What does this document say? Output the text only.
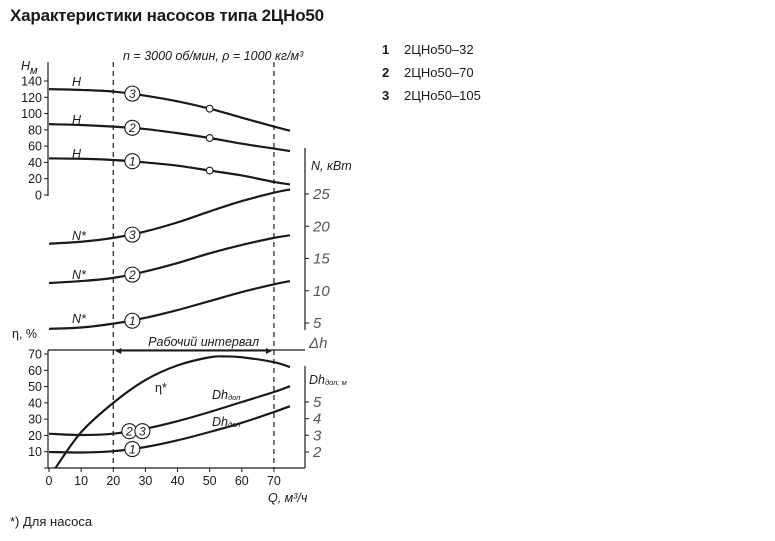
Характеристики насосов типа 2ЦНо50
1 2ЦНо50–32
2 2ЦНо50–70
3 2ЦНо50–105
*) Для насоса
0
20
40
60
80
100
120
140
Hм
5
10
15
20
25
N, кВт
10
20
30
40
50
60
70
η, %
2
3
4
5
Δh
Dhдоп, м
0 10 20 30 40 50 60 70
Q, м³/ч
n = 3000 об/мин, ρ = 1000 кг/м³
Рабочий интервал
H
3
H
2
H
1
N*	3
N*	2
N*	1
η*	Dhдоп
2 3
Dhдоп
1
